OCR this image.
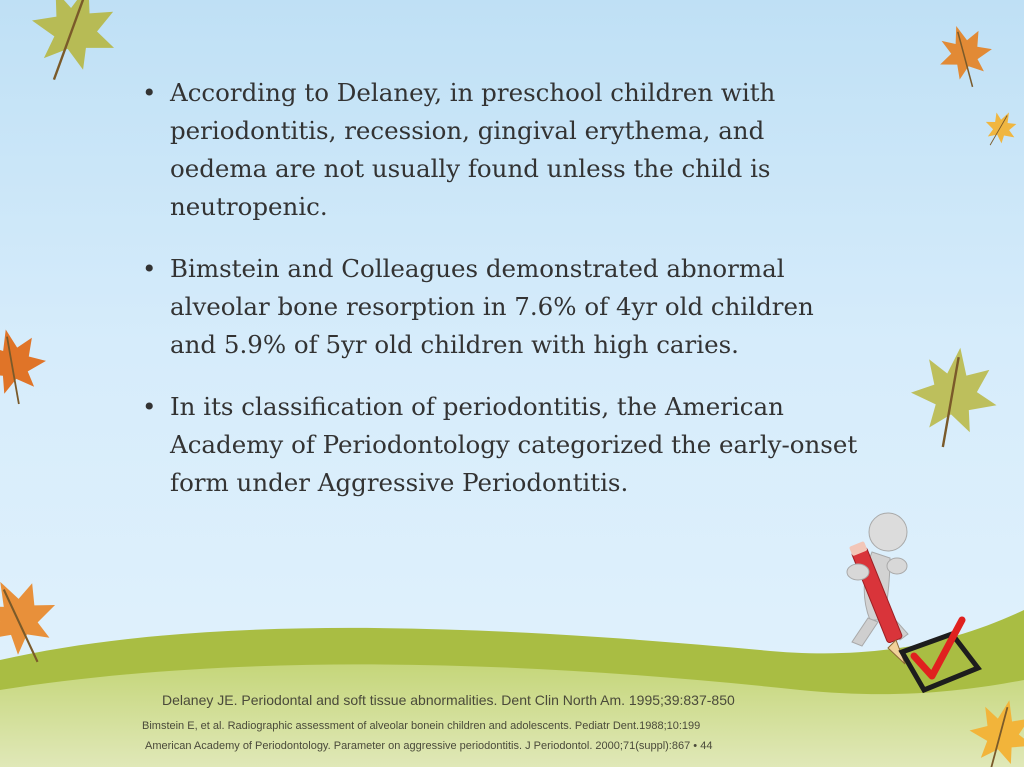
• According to Delaney, in preschool children with periodontitis, recession, gingival erythema, and oedema are not usually found unless the child is neutropenic.
• Bimstein and Colleagues demonstrated abnormal alveolar bone resorption in 7.6% of 4yr old children and 5.9% of 5yr old children with high caries.
• In its classification of periodontitis, the American Academy of Periodontology categorized the early-onset form under Aggressive Periodontitis.
Delaney JE. Periodontal and soft tissue abnormalities. Dent Clin North Am. 1995;39:837-850
Bimstein E, et al. Radiographic assessment of alveolar bonein children and adolescents. Pediatr Dent.1988;10:199
American Academy of Periodontology. Parameter on aggressive periodontitis. J Periodontol. 2000;71(suppl):867 • 44
